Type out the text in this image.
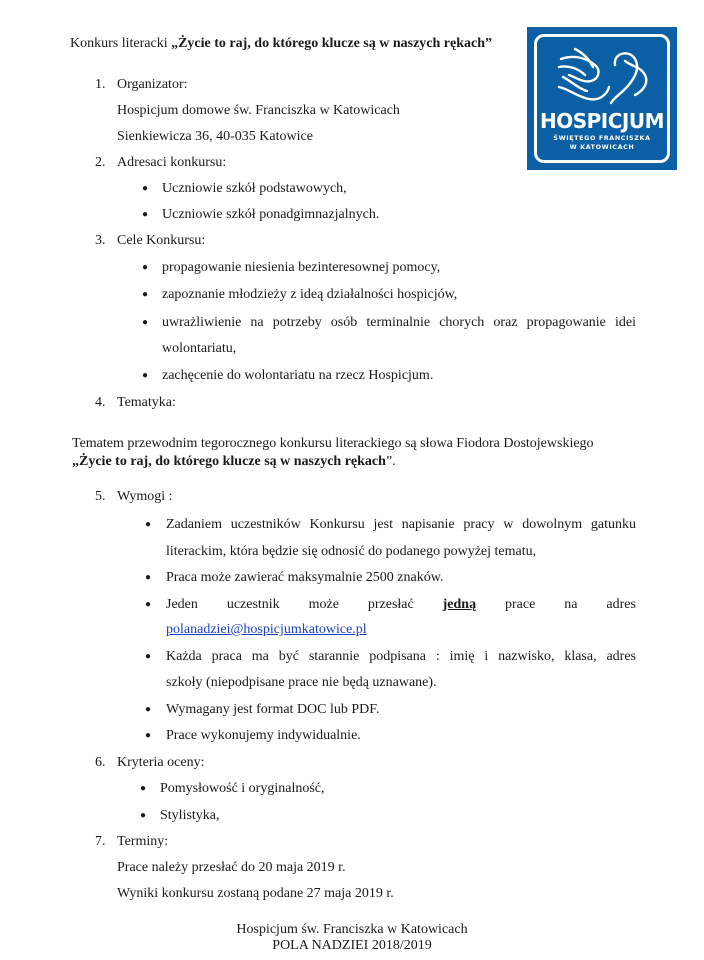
Konkurs literacki „Życie to raj, do którego klucze są w naszych rękach”
HOSPICJUM
ŚWIĘTEGO FRANCISZKA
W KATOWICACH
1. Organizator:
Hospicjum domowe św. Franciszka w Katowicach
Sienkiewicza 36, 40-035 Katowice
2. Adresaci konkursu:
● Uczniowie szkół podstawowych,
● Uczniowie szkół ponadgimnazjalnych.
3. Cele Konkursu:
● propagowanie niesienia bezinteresownej pomocy,
● zapoznanie młodzieży z ideą działalności hospicjów,
● uwrażliwienie na potrzeby osób terminalnie chorych oraz propagowanie idei
wolontariatu,
● zachęcenie do wolontariatu na rzecz Hospicjum.
4. Tematyka:
Tematem przewodnim tegorocznego konkursu literackiego są słowa Fiodora Dostojewskiego
„Życie to raj, do którego klucze są w naszych rękach”.
5. Wymogi :
● Zadaniem uczestników Konkursu jest napisanie pracy w dowolnym gatunku
literackim, która będzie się odnosić do podanego powyżej tematu,
● Praca może zawierać maksymalnie 2500 znaków.
● Jeden uczestnik może przesłać jedną prace na adres
polanadziei@hospicjumkatowice.pl
● Każda praca ma być starannie podpisana : imię i nazwisko, klasa, adres
szkoły (niepodpisane prace nie będą uznawane).
● Wymagany jest format DOC lub PDF.
● Prace wykonujemy indywidualnie.
6. Kryteria oceny:
● Pomysłowość i oryginalność,
● Stylistyka,
7. Terminy:
Prace należy przesłać do 20 maja 2019 r.
Wyniki konkursu zostaną podane 27 maja 2019 r.
Hospicjum św. Franciszka w Katowicach
POLA NADZIEI 2018/2019
